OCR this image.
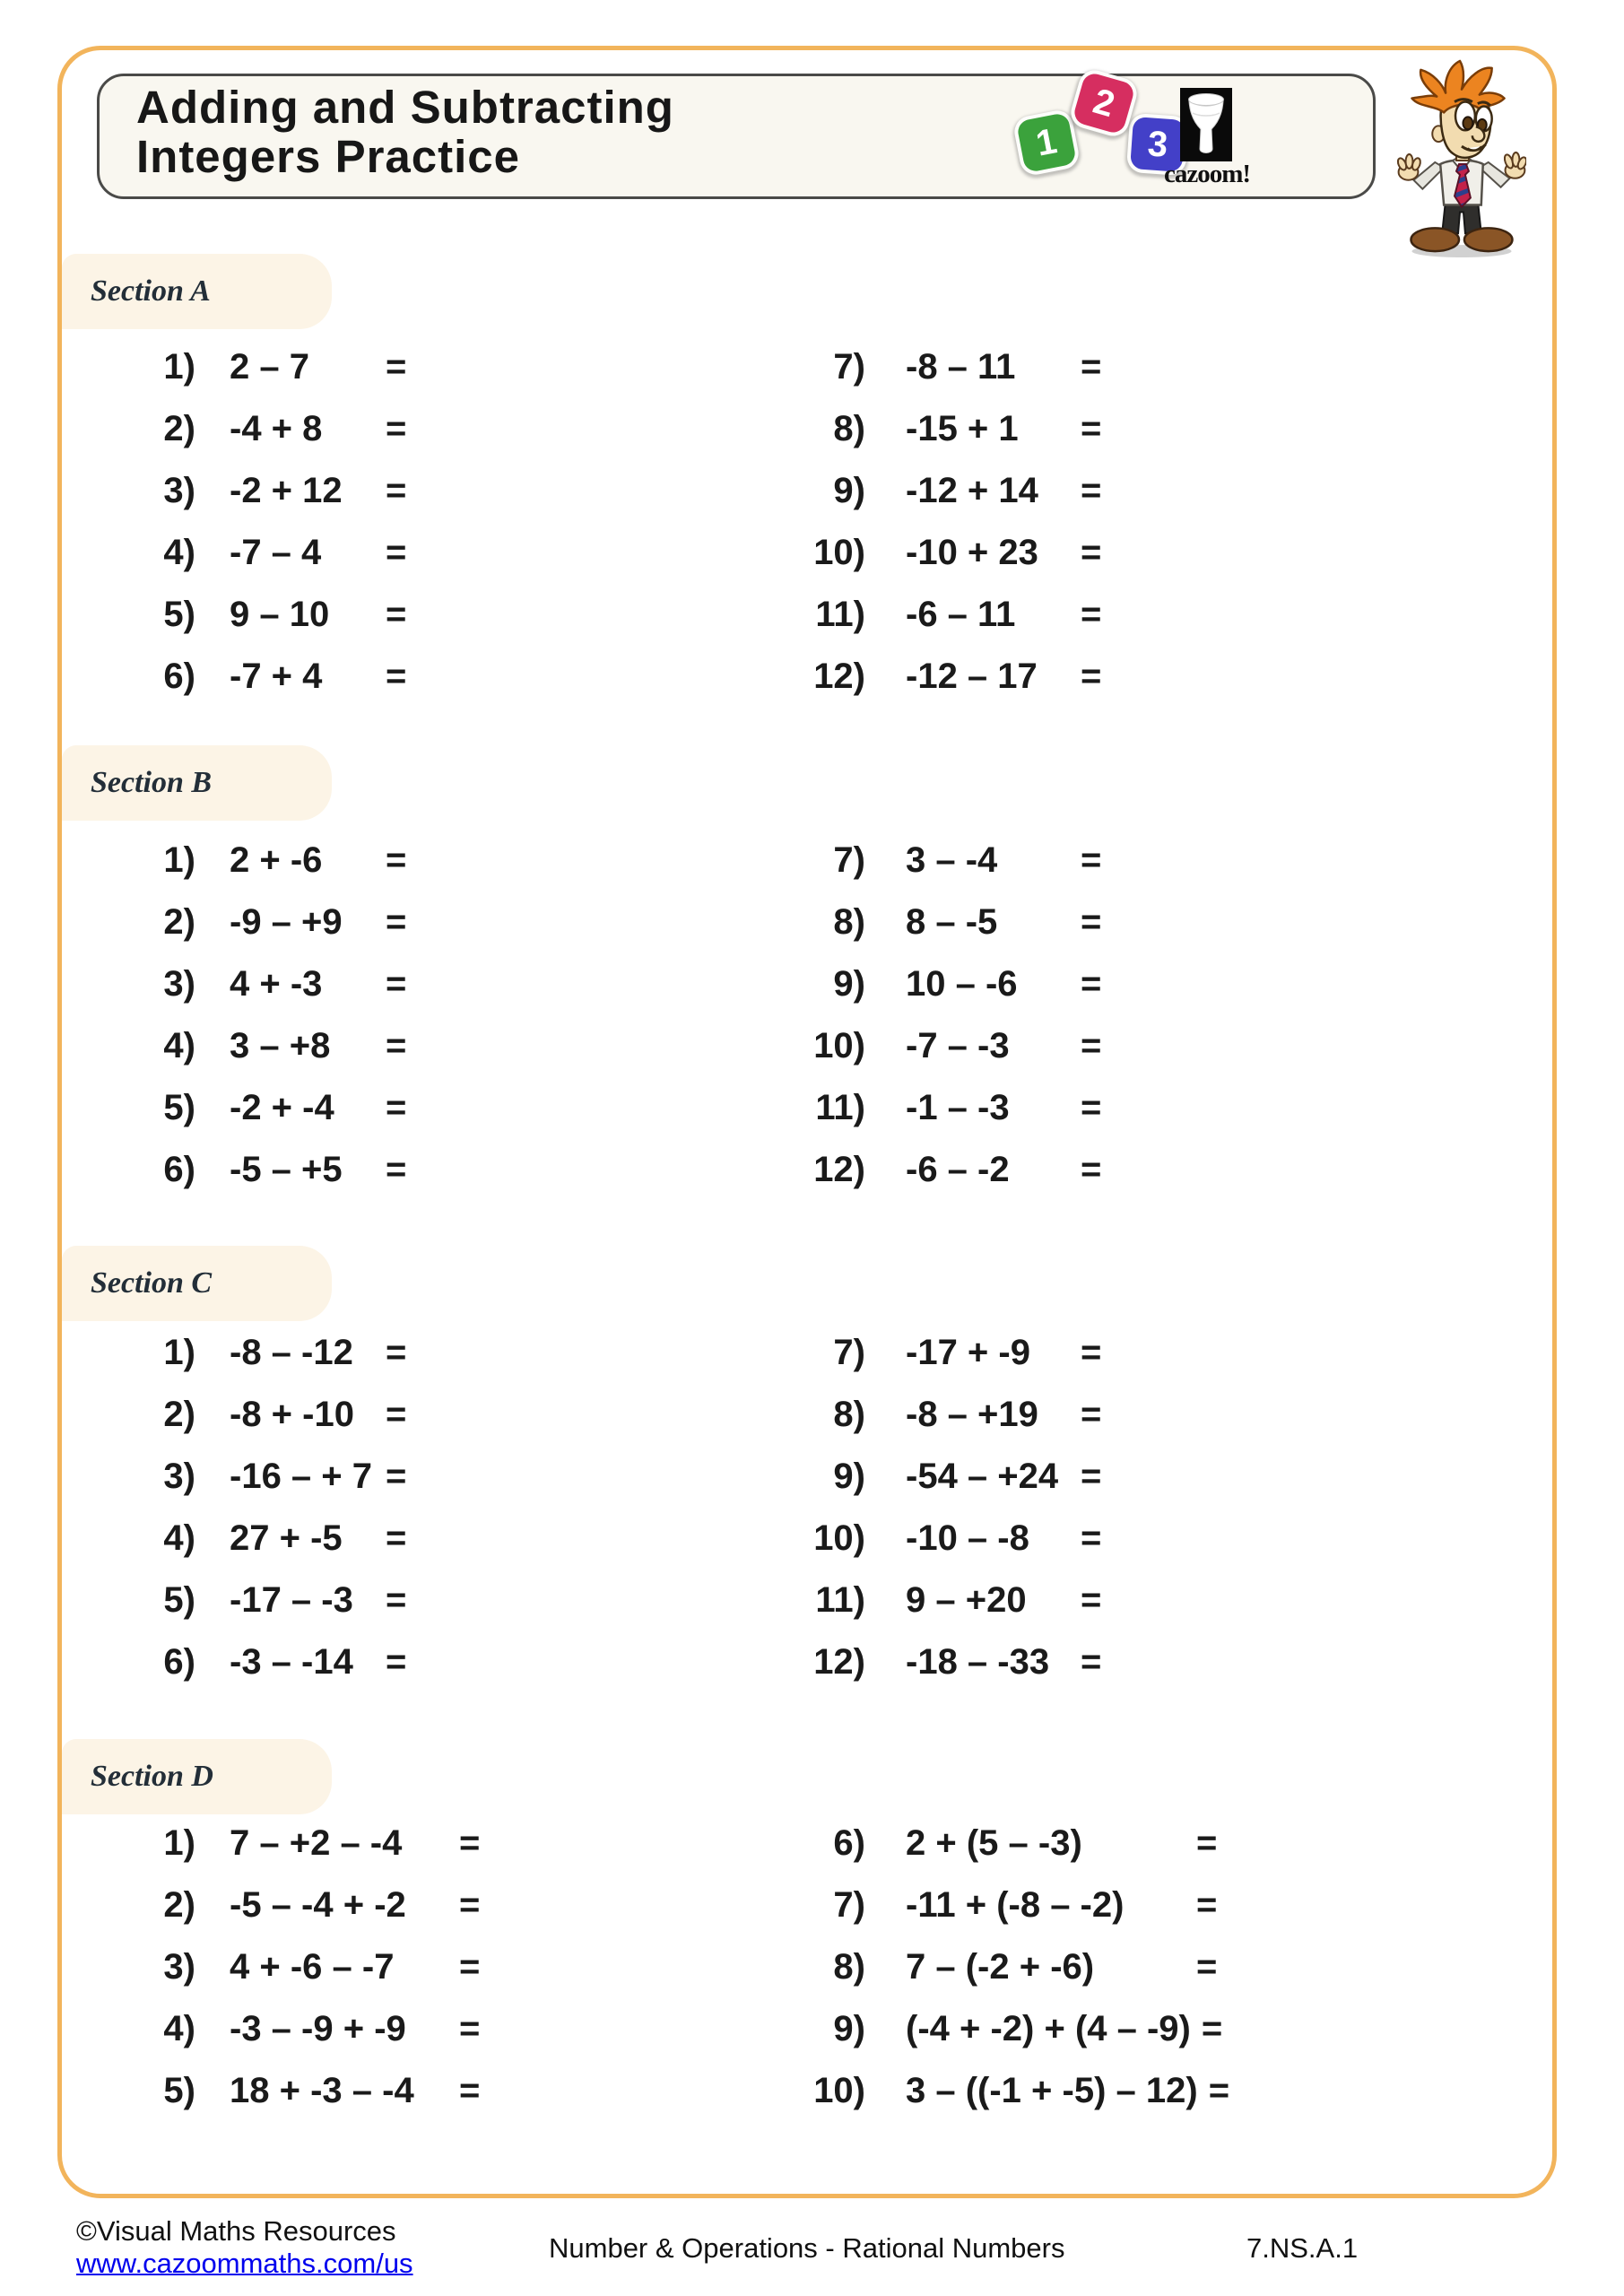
Adding and Subtracting
Integers Practice	1
2
3
cazoom!
Section A
1) 2 – 7	=
2) -4 + 8	=
3) -2 + 12	=
4) -7 – 4	=
5) 9 – 10	=
6) -7 + 4	=
7) -8 – 11	=
8) -15 + 1	=
9) -12 + 14	=
10) -10 + 23	=
11) -6 – 11	=
12) -12 – 17	=
Section B
1) 2 + -6	=
2) -9 – +9	=
3) 4 + -3	=
4) 3 – +8	=
5) -2 + -4	=
6) -5 – +5	=
7) 3 – -4	=
8) 8 – -5	=
9) 10 – -6	=
10) -7 – -3	=
11) -1 – -3	=
12) -6 – -2	=
Section C
1) -8 – -12 =
2) -8 + -10 =
3) -16 – + 7 =
4) 27 + -5	=
5) -17 – -3 =
6) -3 – -14 =
7) -17 + -9	=
8) -8 – +19	=
9) -54 – +24 =
10) -10 – -8	=
11) 9 – +20	=
12) -18 – -33 =
Section D
1) 7 – +2 – -4	=
2) -5 – -4 + -2	=
3) 4 + -6 – -7	=
4) -3 – -9 + -9	=
5) 18 + -3 – -4	=
6) 2 + (5 – -3)	=
7) -11 + (-8 – -2)	=
8) 7 – (-2 + -6)	=
9) (-4 + -2) + (4 – -9) =
10) 3 – ((-1 + -5) – 12) =
©Visual Maths Resources
www.cazoommaths.com/us	Number & Operations - Rational Numbers	7.NS.A.1
